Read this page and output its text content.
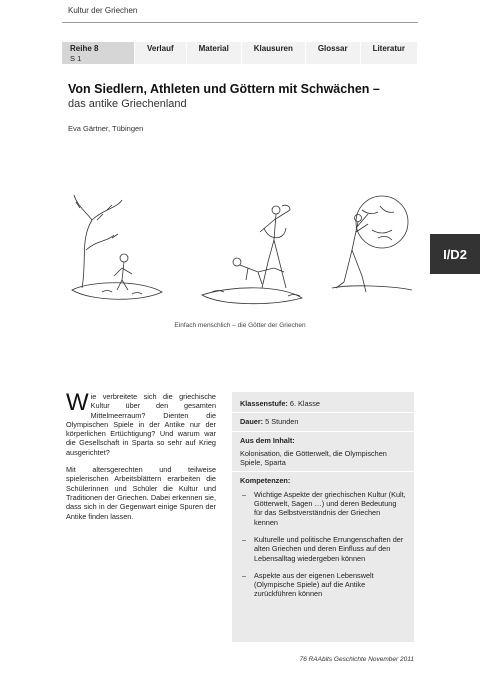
Kultur der Griechen
Reihe 8
S 1
Verlauf	Material	Klausuren	Glossar	Literatur
Von Siedlern, Athleten und Göttern mit Schwächen –
das antike Griechenland
Eva Gärtner, Tübingen
I/D2
Einfach menschlich – die Götter der Griechen

Wie verbreitete sich die griechische Kultur über den gesamten Mittelmeerraum? Dienten die Olympischen Spiele in der Antike nur der körperlichen Ertüchtigung? Und warum war die Gesellschaft in Sparta so sehr auf Krieg ausgerichtet?

Mit altersgerechten und teilweise spielerischen Arbeitsblättern erarbeiten die Schülerinnen und Schüler die Kultur und Traditionen der Griechen. Dabei erkennen sie, dass sich in der Gegenwart einige Spuren der Antike finden lassen.

Klassenstufe: 6. Klasse
Dauer: 5 Stunden
Aus dem Inhalt:
Kolonisation, die Götterwelt, die Olympischen Spiele, Sparta
Kompetenzen:
– Wichtige Aspekte der griechischen Kultur (Kult, Götterwelt, Sagen …) und deren Bedeutung für das Selbstverständnis der Griechen kennen
– Kulturelle und politische Errungenschaften der alten Griechen und deren Einfluss auf den Lebensalltag wiedergeben können
– Aspekte aus der eigenen Lebenswelt (Olympische Spiele) auf die Antike zurückführen können
76 RAAbits Geschichte November 2011
